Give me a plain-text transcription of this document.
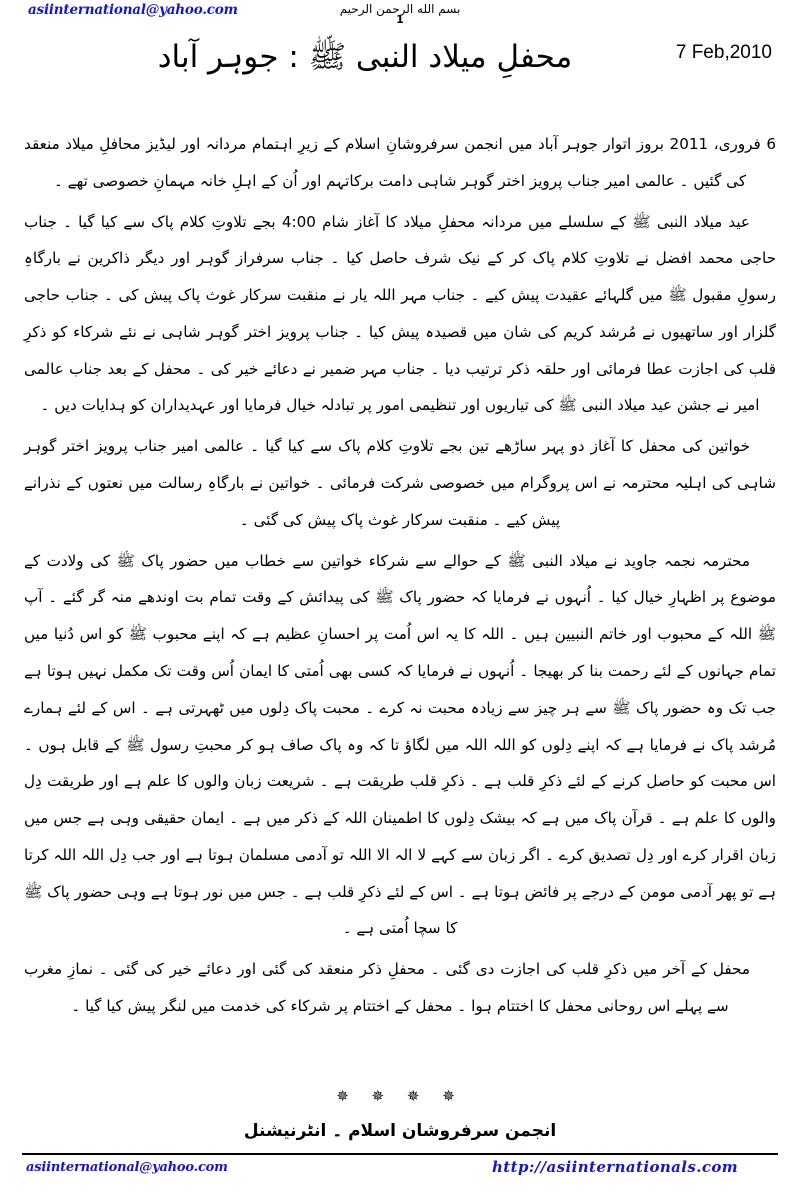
asiinternational@yahoo.com	بسم الله الرحمن الرحيم
1
محفلِ میلاد النبی ﷺ : جوہر آباد	7 Feb,2010

6 فروری، 2011 بروز اتوار جوہر آباد میں انجمن سرفروشانِ اسلام کے زیرِ اہتمام مردانہ اور لیڈیز محافلِ میلاد منعقد کی گئیں ۔ عالمی امیر جناب پرویز اختر گوہر شاہی دامت برکاتہم اور اُن کے اہلِ خانہ مہمانِ خصوصی تھے ۔

عید میلاد النبی ﷺ کے سلسلے میں مردانہ محفلِ میلاد کا آغاز شام 4:00 بجے تلاوتِ کلام پاک سے کیا گیا ۔ جناب حاجی محمد افضل نے تلاوتِ کلام پاک کر کے نیک شرف حاصل کیا ۔ جناب سرفراز گوہر اور دیگر ذاکرین نے بارگاہِ رسولِ مقبول ﷺ میں گلہائے عقیدت پیش کیے ۔ جناب مہر اللہ یار نے منقبت سرکار غوث پاک پیش کی ۔ جناب حاجی گلزار اور ساتھیوں نے مُرشد کریم کی شان میں قصیدہ پیش کیا ۔ جناب پرویز اختر گوہر شاہی نے نئے شرکاء کو ذکرِ قلب کی اجازت عطا فرمائی اور حلقہ ذکر ترتیب دیا ۔ جناب مہر ضمیر نے دعائے خیر کی ۔ محفل کے بعد جناب عالمی امیر نے جشن عید میلاد النبی ﷺ کی تیاریوں اور تنظیمی امور پر تبادلہ خیال فرمایا اور عہدیداران کو ہدایات دیں ۔

خواتین کی محفل کا آغاز دو پہر ساڑھے تین بجے تلاوتِ کلام پاک سے کیا گیا ۔ عالمی امیر جناب پرویز اختر گوہر شاہی کی اہلیہ محترمہ نے اس پروگرام میں خصوصی شرکت فرمائی ۔ خواتین نے بارگاہِ رسالت میں نعتوں کے نذرانے پیش کیے ۔ منقبت سرکار غوث پاک پیش کی گئی ۔

محترمہ نجمہ جاوید نے میلاد النبی ﷺ کے حوالے سے شرکاء خواتین سے خطاب میں حضور پاک ﷺ کی ولادت کے موضوع پر اظہارِ خیال کیا ۔ اُنہوں نے فرمایا کہ حضور پاک ﷺ کی پیدائش کے وقت تمام بت اوندھے منہ گر گئے ۔ آپ ﷺ اللہ کے محبوب اور خاتم النبیین ہیں ۔ اللہ کا یہ اس اُمت پر احسانِ عظیم ہے کہ اپنے محبوب ﷺ کو اس دُنیا میں تمام جہانوں کے لئے رحمت بنا کر بھیجا ۔ اُنہوں نے فرمایا کہ کسی بھی اُمتی کا ایمان اُس وقت تک مکمل نہیں ہوتا ہے جب تک وہ حضور پاک ﷺ سے ہر چیز سے زیادہ محبت نہ کرے ۔ محبت پاک دِلوں میں ٹھہرتی ہے ۔ اس کے لئے ہمارے مُرشد پاک نے فرمایا ہے کہ اپنے دِلوں کو اللہ اللہ میں لگاؤ تا کہ وہ پاک صاف ہو کر محبتِ رسول ﷺ کے قابل ہوں ۔ اس محبت کو حاصل کرنے کے لئے ذکرِ قلب ہے ۔ ذکرِ قلب طریقت ہے ۔ شریعت زبان والوں کا علم ہے اور طریقت دِل والوں کا علم ہے ۔ قرآن پاک میں ہے کہ بیشک دِلوں کا اطمینان اللہ کے ذکر میں ہے ۔ ایمان حقیقی وہی ہے جس میں زبان اقرار کرے اور دِل تصدیق کرے ۔ اگر زبان سے کہے لا الہ الا اللہ تو آدمی مسلمان ہوتا ہے اور جب دِل اللہ اللہ کرتا ہے تو پھر آدمی مومن کے درجے پر فائض ہوتا ہے ۔ اس کے لئے ذکرِ قلب ہے ۔ جس میں نور ہوتا ہے وہی حضور پاک ﷺ کا سچا اُمتی ہے ۔

محفل کے آخر میں ذکرِ قلب کی اجازت دی گئی ۔ محفلِ ذکر منعقد کی گئی اور دعائے خیر کی گئی ۔ نمازِ مغرب سے پہلے اس روحانی محفل کا اختتام ہوا ۔ محفل کے اختتام پر شرکاء کی خدمت میں لنگر پیش کیا گیا ۔

✵ ✵ ✵ ✵
انجمن سرفروشان اسلام ۔ انٹرنیشنل
asiinternational@yahoo.com	http://asiinternationals.com
